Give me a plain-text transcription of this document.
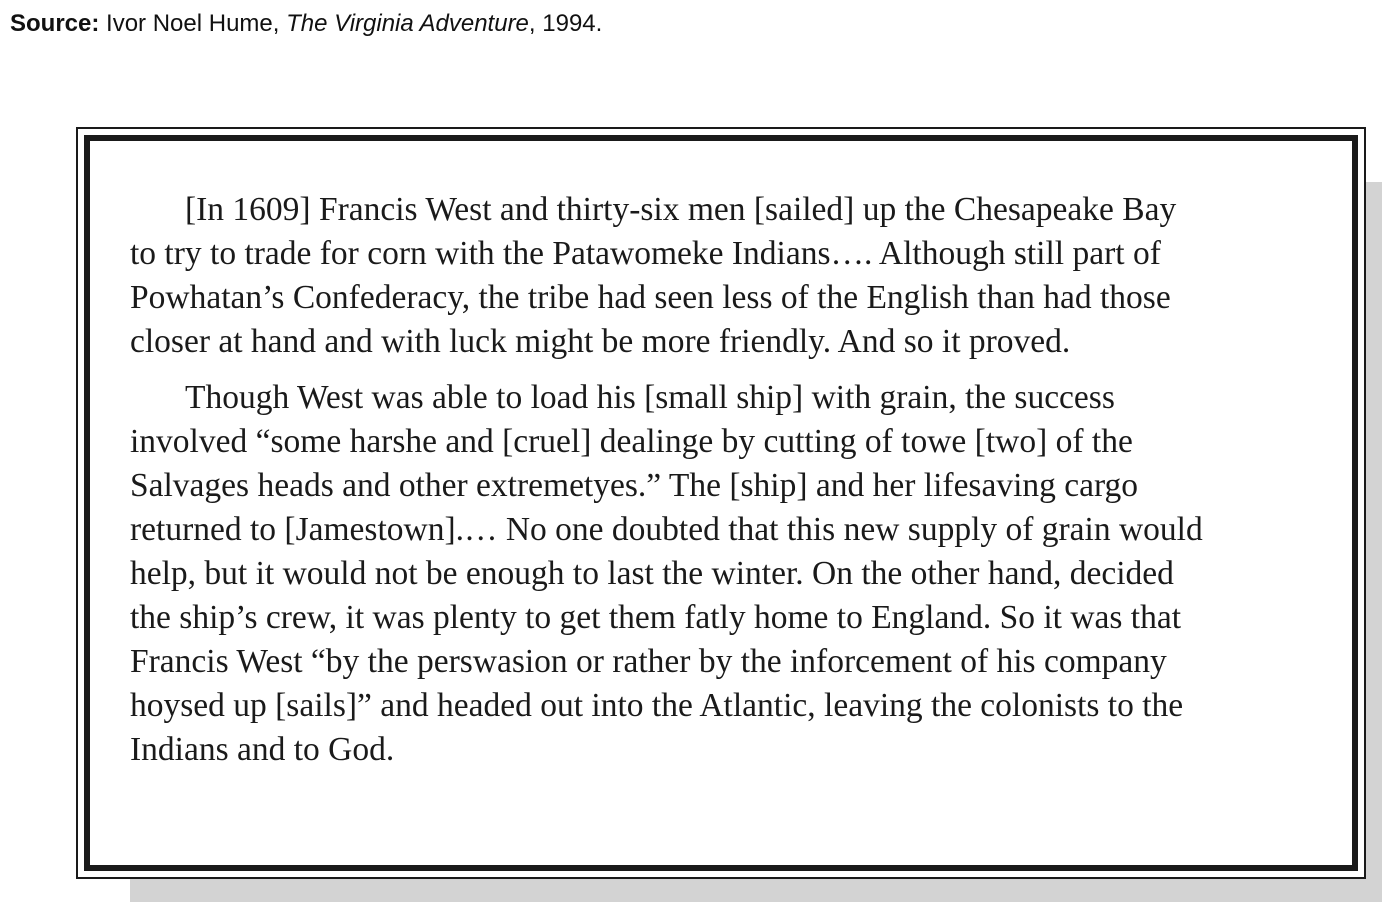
Source: Ivor Noel Hume, The Virginia Adventure, 1994.

[In 1609] Francis West and thirty-six men [sailed] up the Chesapeake Bay
to try to trade for corn with the Patawomeke Indians…. Although still part of
Powhatan’s Confederacy, the tribe had seen less of the English than had those
closer at hand and with luck might be more friendly. And so it proved.

Though West was able to load his [small ship] with grain, the success
involved “some harshe and [cruel] dealinge by cutting of towe [two] of the
Salvages heads and other extremetyes.” The [ship] and her lifesaving cargo
returned to [Jamestown].… No one doubted that this new supply of grain would
help, but it would not be enough to last the winter. On the other hand, decided
the ship’s crew, it was plenty to get them fatly home to England. So it was that
Francis West “by the perswasion or rather by the inforcement of his company
hoysed up [sails]” and headed out into the Atlantic, leaving the colonists to the
Indians and to God.
